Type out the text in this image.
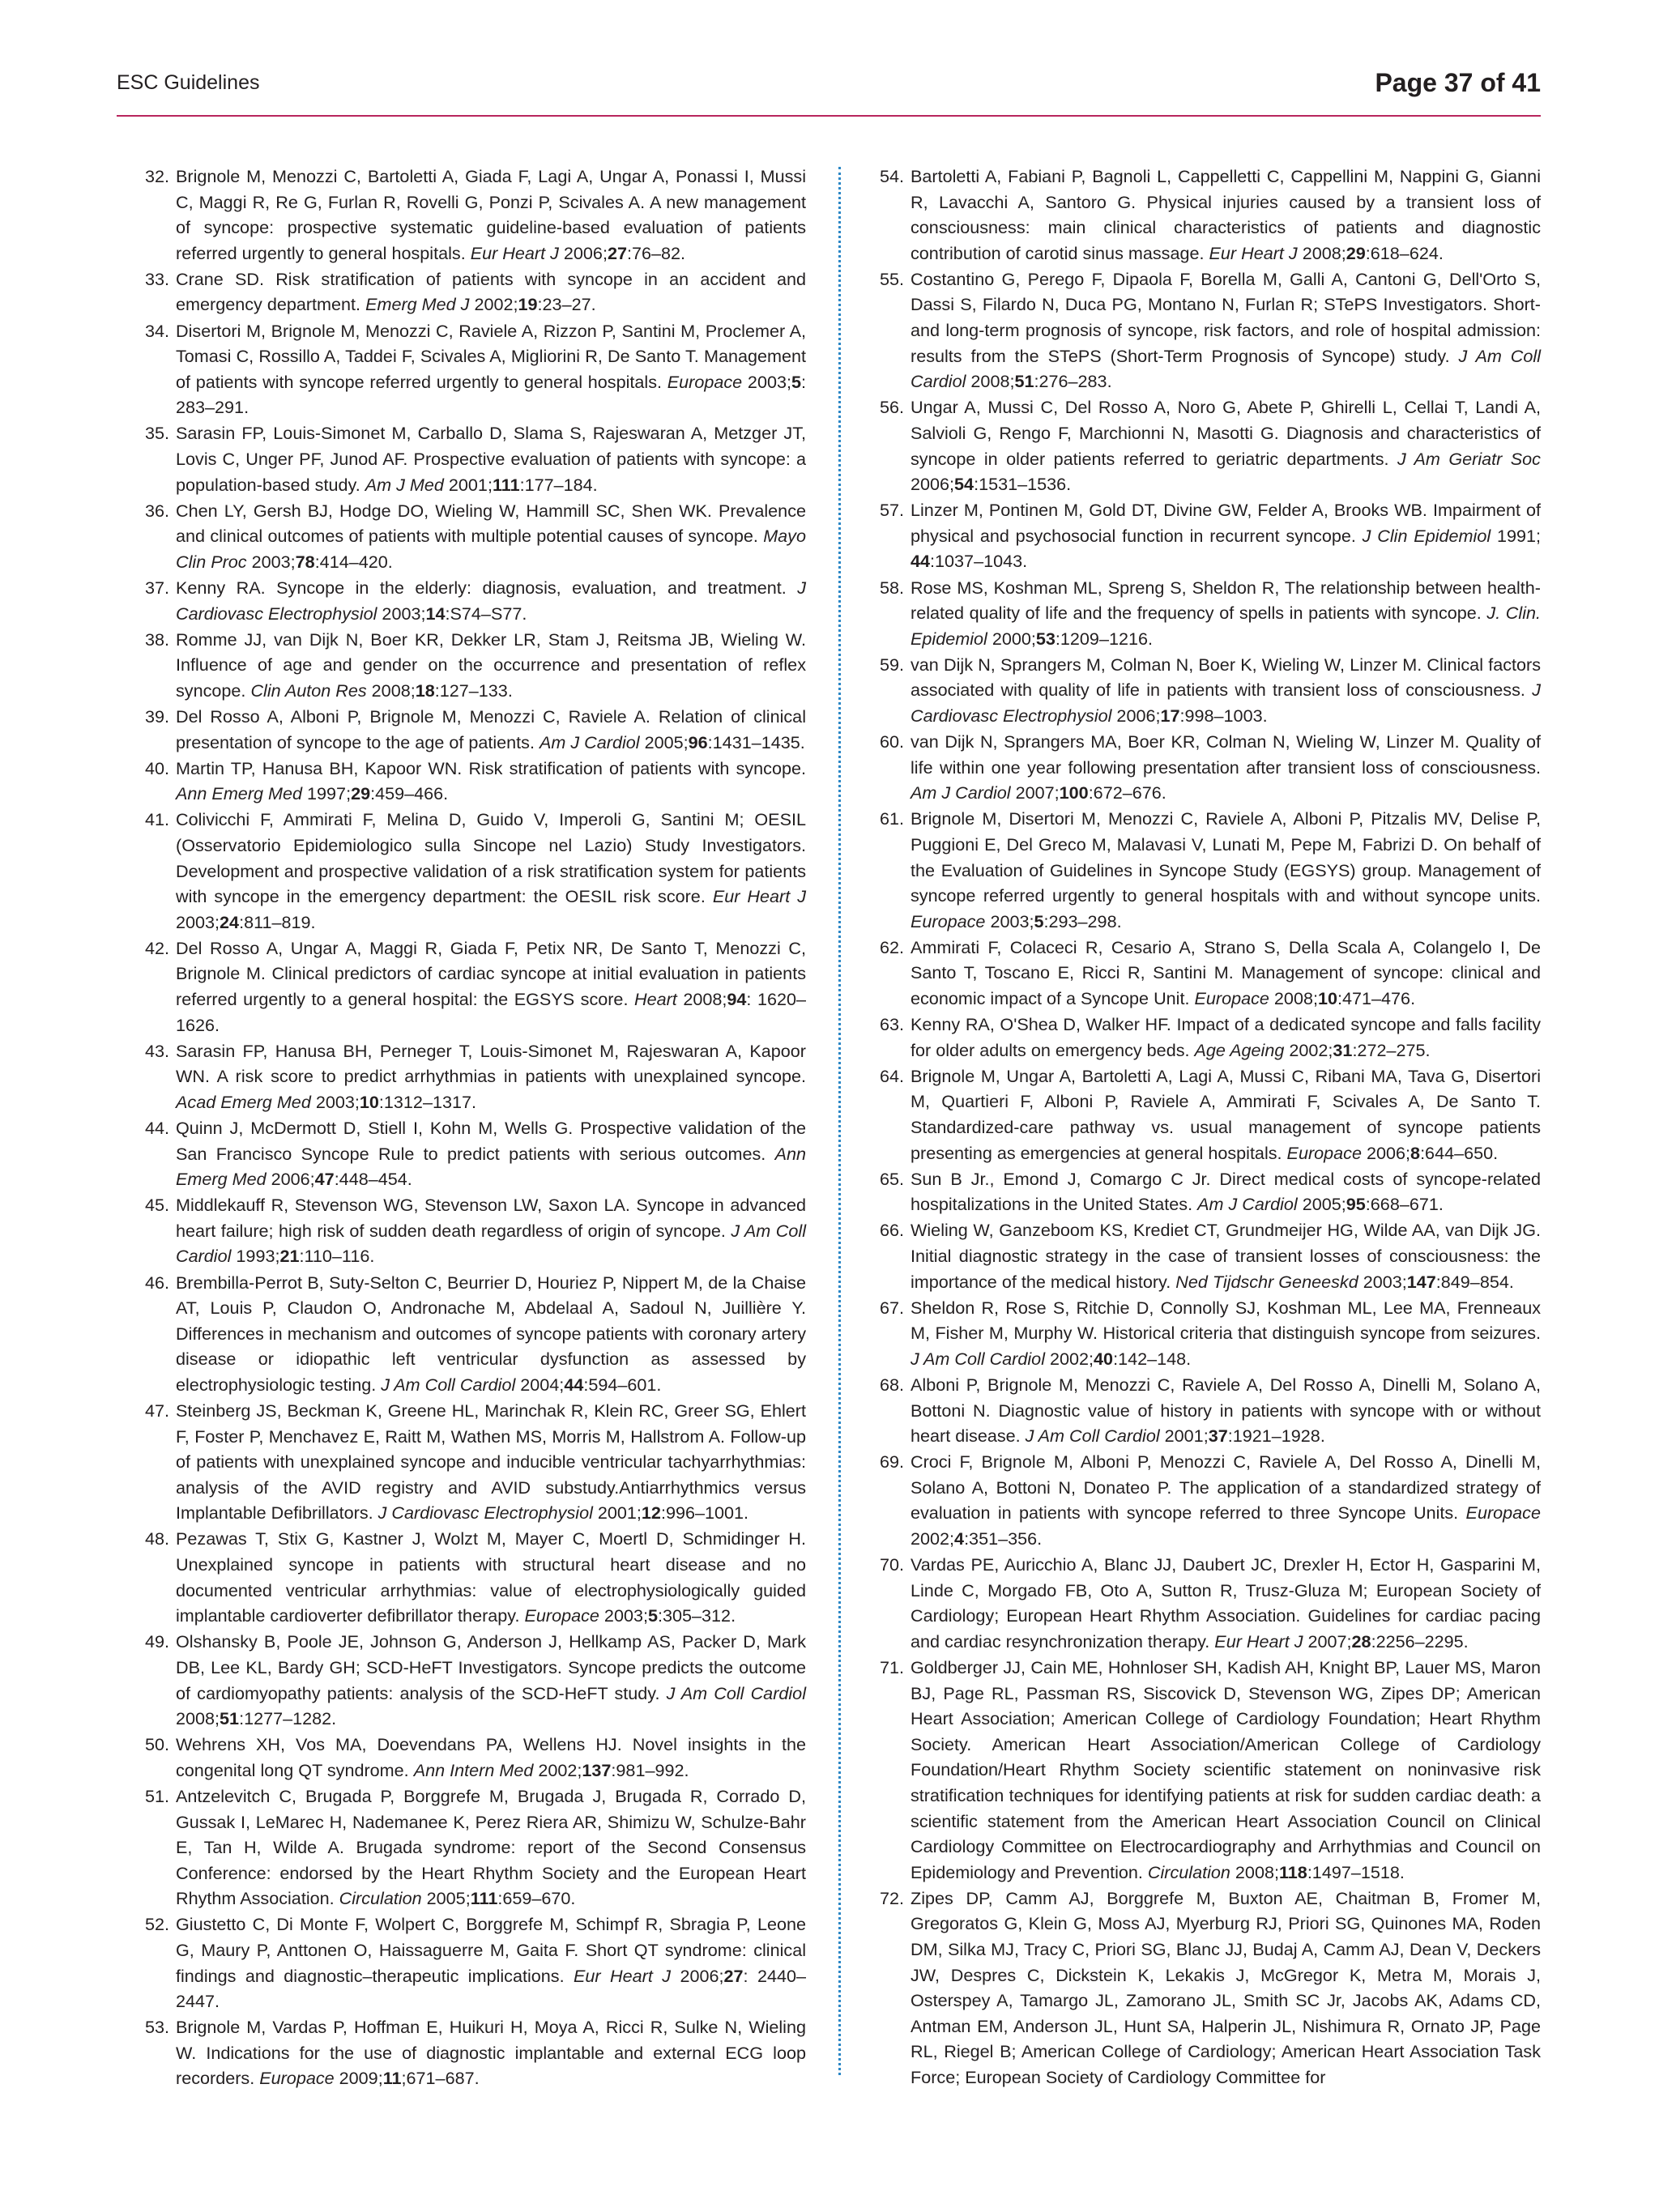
ESC Guidelines	Page 37 of 41
32. Brignole M, Menozzi C, Bartoletti A, Giada F, Lagi A, Ungar A, Ponassi I, Mussi C, Maggi R, Re G, Furlan R, Rovelli G, Ponzi P, Scivales A. A new management of syncope: prospective systematic guideline-based evaluation of patients referred urgently to general hospitals. Eur Heart J 2006;27:76–82.
33. Crane SD. Risk stratification of patients with syncope in an accident and emergency department. Emerg Med J 2002;19:23–27.
34. Disertori M, Brignole M, Menozzi C, Raviele A, Rizzon P, Santini M, Proclemer A, Tomasi C, Rossillo A, Taddei F, Scivales A, Migliorini R, De Santo T. Management of patients with syncope referred urgently to general hospitals. Europace 2003;5: 283–291.
35. Sarasin FP, Louis-Simonet M, Carballo D, Slama S, Rajeswaran A, Metzger JT, Lovis C, Unger PF, Junod AF. Prospective evaluation of patients with syncope: a population-based study. Am J Med 2001;111:177–184.
36. Chen LY, Gersh BJ, Hodge DO, Wieling W, Hammill SC, Shen WK. Prevalence and clinical outcomes of patients with multiple potential causes of syncope. Mayo Clin Proc 2003;78:414–420.
37. Kenny RA. Syncope in the elderly: diagnosis, evaluation, and treatment. J Cardiovasc Electrophysiol 2003;14:S74–S77.
38. Romme JJ, van Dijk N, Boer KR, Dekker LR, Stam J, Reitsma JB, Wieling W. Influence of age and gender on the occurrence and presentation of reflex syncope. Clin Auton Res 2008;18:127–133.
39. Del Rosso A, Alboni P, Brignole M, Menozzi C, Raviele A. Relation of clinical presentation of syncope to the age of patients. Am J Cardiol 2005;96:1431–1435.
40. Martin TP, Hanusa BH, Kapoor WN. Risk stratification of patients with syncope. Ann Emerg Med 1997;29:459–466.
41. Colivicchi F, Ammirati F, Melina D, Guido V, Imperoli G, Santini M; OESIL (Osservatorio Epidemiologico sulla Sincope nel Lazio) Study Investigators. Development and prospective validation of a risk stratification system for patients with syncope in the emergency department: the OESIL risk score. Eur Heart J 2003;24:811–819.
42. Del Rosso A, Ungar A, Maggi R, Giada F, Petix NR, De Santo T, Menozzi C, Brignole M. Clinical predictors of cardiac syncope at initial evaluation in patients referred urgently to a general hospital: the EGSYS score. Heart 2008;94: 1620–1626.
43. Sarasin FP, Hanusa BH, Perneger T, Louis-Simonet M, Rajeswaran A, Kapoor WN. A risk score to predict arrhythmias in patients with unexplained syncope. Acad Emerg Med 2003;10:1312–1317.
44. Quinn J, McDermott D, Stiell I, Kohn M, Wells G. Prospective validation of the San Francisco Syncope Rule to predict patients with serious outcomes. Ann Emerg Med 2006;47:448–454.
45. Middlekauff R, Stevenson WG, Stevenson LW, Saxon LA. Syncope in advanced heart failure; high risk of sudden death regardless of origin of syncope. J Am Coll Cardiol 1993;21:110–116.
46. Brembilla-Perrot B, Suty-Selton C, Beurrier D, Houriez P, Nippert M, de la Chaise AT, Louis P, Claudon O, Andronache M, Abdelaal A, Sadoul N, Juillière Y. Differences in mechanism and outcomes of syncope patients with coronary artery disease or idiopathic left ventricular dysfunction as assessed by electrophysiologic testing. J Am Coll Cardiol 2004;44:594–601.
47. Steinberg JS, Beckman K, Greene HL, Marinchak R, Klein RC, Greer SG, Ehlert F, Foster P, Menchavez E, Raitt M, Wathen MS, Morris M, Hallstrom A. Follow-up of patients with unexplained syncope and inducible ventricular tachyarrhythmias: analysis of the AVID registry and AVID substudy.Antiarrhythmics versus Implantable Defibrillators. J Cardiovasc Electrophysiol 2001;12:996–1001.
48. Pezawas T, Stix G, Kastner J, Wolzt M, Mayer C, Moertl D, Schmidinger H. Unexplained syncope in patients with structural heart disease and no documented ventricular arrhythmias: value of electrophysiologically guided implantable cardioverter defibrillator therapy. Europace 2003;5:305–312.
49. Olshansky B, Poole JE, Johnson G, Anderson J, Hellkamp AS, Packer D, Mark DB, Lee KL, Bardy GH; SCD-HeFT Investigators. Syncope predicts the outcome of cardiomyopathy patients: analysis of the SCD-HeFT study. J Am Coll Cardiol 2008;51:1277–1282.
50. Wehrens XH, Vos MA, Doevendans PA, Wellens HJ. Novel insights in the congenital long QT syndrome. Ann Intern Med 2002;137:981–992.
51. Antzelevitch C, Brugada P, Borggrefe M, Brugada J, Brugada R, Corrado D, Gussak I, LeMarec H, Nademanee K, Perez Riera AR, Shimizu W, Schulze-Bahr E, Tan H, Wilde A. Brugada syndrome: report of the Second Consensus Conference: endorsed by the Heart Rhythm Society and the European Heart Rhythm Association. Circulation 2005;111:659–670.
52. Giustetto C, Di Monte F, Wolpert C, Borggrefe M, Schimpf R, Sbragia P, Leone G, Maury P, Anttonen O, Haissaguerre M, Gaita F. Short QT syndrome: clinical findings and diagnostic–therapeutic implications. Eur Heart J 2006;27: 2440–2447.
53. Brignole M, Vardas P, Hoffman E, Huikuri H, Moya A, Ricci R, Sulke N, Wieling W. Indications for the use of diagnostic implantable and external ECG loop recorders. Europace 2009;11;671–687.
54. Bartoletti A, Fabiani P, Bagnoli L, Cappelletti C, Cappellini M, Nappini G, Gianni R, Lavacchi A, Santoro G. Physical injuries caused by a transient loss of consciousness: main clinical characteristics of patients and diagnostic contribution of carotid sinus massage. Eur Heart J 2008;29:618–624.
55. Costantino G, Perego F, Dipaola F, Borella M, Galli A, Cantoni G, Dell'Orto S, Dassi S, Filardo N, Duca PG, Montano N, Furlan R; STePS Investigators. Short- and long-term prognosis of syncope, risk factors, and role of hospital admission: results from the STePS (Short-Term Prognosis of Syncope) study. J Am Coll Cardiol 2008;51:276–283.
56. Ungar A, Mussi C, Del Rosso A, Noro G, Abete P, Ghirelli L, Cellai T, Landi A, Salvioli G, Rengo F, Marchionni N, Masotti G. Diagnosis and characteristics of syncope in older patients referred to geriatric departments. J Am Geriatr Soc 2006;54:1531–1536.
57. Linzer M, Pontinen M, Gold DT, Divine GW, Felder A, Brooks WB. Impairment of physical and psychosocial function in recurrent syncope. J Clin Epidemiol 1991; 44:1037–1043.
58. Rose MS, Koshman ML, Spreng S, Sheldon R, The relationship between health-related quality of life and the frequency of spells in patients with syncope. J. Clin. Epidemiol 2000;53:1209–1216.
59. van Dijk N, Sprangers M, Colman N, Boer K, Wieling W, Linzer M. Clinical factors associated with quality of life in patients with transient loss of consciousness. J Cardiovasc Electrophysiol 2006;17:998–1003.
60. van Dijk N, Sprangers MA, Boer KR, Colman N, Wieling W, Linzer M. Quality of life within one year following presentation after transient loss of consciousness. Am J Cardiol 2007;100:672–676.
61. Brignole M, Disertori M, Menozzi C, Raviele A, Alboni P, Pitzalis MV, Delise P, Puggioni E, Del Greco M, Malavasi V, Lunati M, Pepe M, Fabrizi D. On behalf of the Evaluation of Guidelines in Syncope Study (EGSYS) group. Management of syncope referred urgently to general hospitals with and without syncope units. Europace 2003;5:293–298.
62. Ammirati F, Colaceci R, Cesario A, Strano S, Della Scala A, Colangelo I, De Santo T, Toscano E, Ricci R, Santini M. Management of syncope: clinical and economic impact of a Syncope Unit. Europace 2008;10:471–476.
63. Kenny RA, O'Shea D, Walker HF. Impact of a dedicated syncope and falls facility for older adults on emergency beds. Age Ageing 2002;31:272–275.
64. Brignole M, Ungar A, Bartoletti A, Lagi A, Mussi C, Ribani MA, Tava G, Disertori M, Quartieri F, Alboni P, Raviele A, Ammirati F, Scivales A, De Santo T. Standardized-care pathway vs. usual management of syncope patients presenting as emergencies at general hospitals. Europace 2006;8:644–650.
65. Sun B Jr., Emond J, Comargo C Jr. Direct medical costs of syncope-related hospitalizations in the United States. Am J Cardiol 2005;95:668–671.
66. Wieling W, Ganzeboom KS, Krediet CT, Grundmeijer HG, Wilde AA, van Dijk JG. Initial diagnostic strategy in the case of transient losses of consciousness: the importance of the medical history. Ned Tijdschr Geneeskd 2003;147:849–854.
67. Sheldon R, Rose S, Ritchie D, Connolly SJ, Koshman ML, Lee MA, Frenneaux M, Fisher M, Murphy W. Historical criteria that distinguish syncope from seizures. J Am Coll Cardiol 2002;40:142–148.
68. Alboni P, Brignole M, Menozzi C, Raviele A, Del Rosso A, Dinelli M, Solano A, Bottoni N. Diagnostic value of history in patients with syncope with or without heart disease. J Am Coll Cardiol 2001;37:1921–1928.
69. Croci F, Brignole M, Alboni P, Menozzi C, Raviele A, Del Rosso A, Dinelli M, Solano A, Bottoni N, Donateo P. The application of a standardized strategy of evaluation in patients with syncope referred to three Syncope Units. Europace 2002;4:351–356.
70. Vardas PE, Auricchio A, Blanc JJ, Daubert JC, Drexler H, Ector H, Gasparini M, Linde C, Morgado FB, Oto A, Sutton R, Trusz-Gluza M; European Society of Cardiology; European Heart Rhythm Association. Guidelines for cardiac pacing and cardiac resynchronization therapy. Eur Heart J 2007;28:2256–2295.
71. Goldberger JJ, Cain ME, Hohnloser SH, Kadish AH, Knight BP, Lauer MS, Maron BJ, Page RL, Passman RS, Siscovick D, Stevenson WG, Zipes DP; American Heart Association; American College of Cardiology Foundation; Heart Rhythm Society. American Heart Association/American College of Cardiology Foundation/Heart Rhythm Society scientific statement on noninvasive risk stratification techniques for identifying patients at risk for sudden cardiac death: a scientific statement from the American Heart Association Council on Clinical Cardiology Committee on Electrocardiography and Arrhythmias and Council on Epidemiology and Prevention. Circulation 2008;118:1497–1518.
72. Zipes DP, Camm AJ, Borggrefe M, Buxton AE, Chaitman B, Fromer M, Gregoratos G, Klein G, Moss AJ, Myerburg RJ, Priori SG, Quinones MA, Roden DM, Silka MJ, Tracy C, Priori SG, Blanc JJ, Budaj A, Camm AJ, Dean V, Deckers JW, Despres C, Dickstein K, Lekakis J, McGregor K, Metra M, Morais J, Osterspey A, Tamargo JL, Zamorano JL, Smith SC Jr, Jacobs AK, Adams CD, Antman EM, Anderson JL, Hunt SA, Halperin JL, Nishimura R, Ornato JP, Page RL, Riegel B; American College of Cardiology; American Heart Association Task Force; European Society of Cardiology Committee for
